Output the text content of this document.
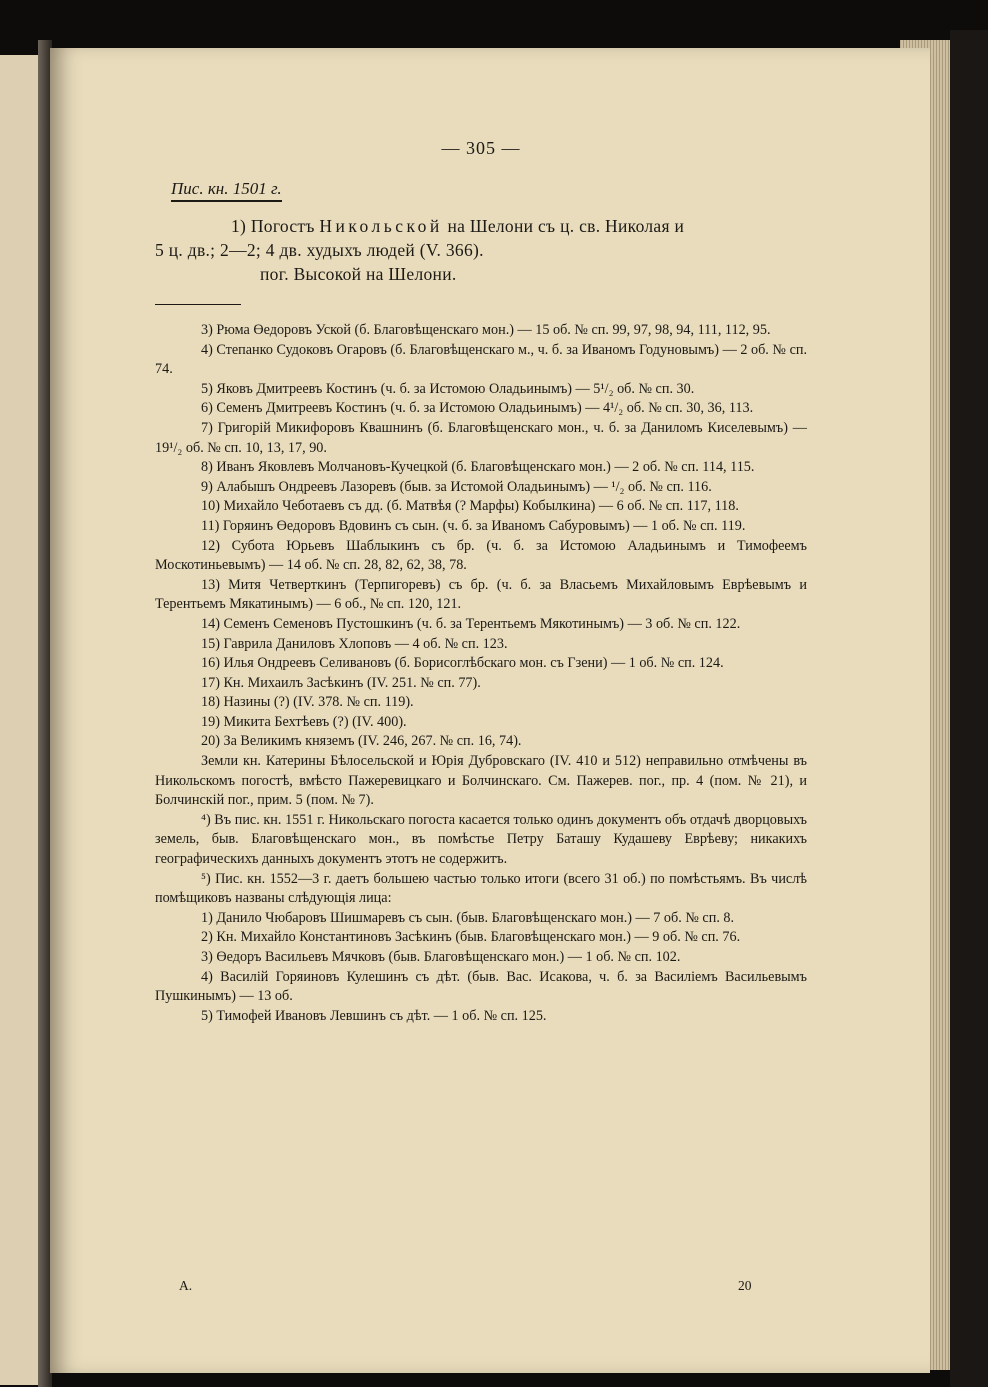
— 305 —
Пис. кн. 1501 г.
1) Погостъ Никольской на Шелони съ ц. св. Николая и
5 ц. дв.; 2—2; 4 дв. худыхъ людей (V. 366).
пог. Высокой на Шелони.

3) Рюма Өедоровъ Уской (б. Благовѣщенскаго мон.) — 15 об. № сп. 99, 97, 98, 94, 111, 112, 95.

4) Степанко Судоковъ Огаровъ (б. Благовѣщенскаго м., ч. б. за Иваномъ Годуновымъ) — 2 об. № сп. 74.

5) Яковъ Дмитреевъ Костинъ (ч. б. за Истомою Оладьинымъ) — 5¹/₂ об. № сп. 30.

6) Семенъ Дмитреевъ Костинъ (ч. б. за Истомою Оладьинымъ) — 4¹/₂ об. № сп. 30, 36, 113.

7) Григорій Микифоровъ Квашнинъ (б. Благовѣщенскаго мон., ч. б. за Даниломъ Киселевымъ) — 19¹/₂ об. № сп. 10, 13, 17, 90.

8) Иванъ Яковлевъ Молчановъ-Кучецкой (б. Благовѣщенскаго мон.) — 2 об. № сп. 114, 115.

9) Алабышъ Ондреевъ Лазоревъ (быв. за Истомой Оладьинымъ) — ¹/₂ об. № сп. 116.

10) Михайло Чеботаевъ съ дд. (б. Матвѣя (? Марфы) Кобылкина) — 6 об. № сп. 117, 118.

11) Горяинъ Өедоровъ Вдовинъ съ сын. (ч. б. за Иваномъ Сабуровымъ) — 1 об. № сп. 119.

12) Субота Юрьевъ Шаблыкинъ съ бр. (ч. б. за Истомою Аладьинымъ и Тимофеемъ Москотиньевымъ) — 14 об. № сп. 28, 82, 62, 38, 78.

13) Митя Четверткинъ (Терпигоревъ) съ бр. (ч. б. за Власьемъ Михайловымъ Еврѣевымъ и Терентьемъ Мякатинымъ) — 6 об., № сп. 120, 121.

14) Семенъ Семеновъ Пустошкинъ (ч. б. за Терентьемъ Мякотинымъ) — 3 об. № сп. 122.

15) Гаврила Даниловъ Хлоповъ — 4 об. № сп. 123.

16) Илья Ондреевъ Селивановъ (б. Борисоглѣбскаго мон. съ Гзени) — 1 об. № сп. 124.

17) Кн. Михаилъ Засѣкинъ (IV. 251. № сп. 77).

18) Назины (?) (IV. 378. № сп. 119).

19) Микита Бехтѣевъ (?) (IV. 400).

20) За Великимъ княземъ (IV. 246, 267. № сп. 16, 74).

Земли кн. Катерины Бѣлосельской и Юрія Дубровскаго (IV. 410 и 512) неправильно отмѣчены въ Никольскомъ погостѣ, вмѣсто Пажеревицкаго и Болчинскаго. См. Пажерев. пог., пр. 4 (пом. № 21), и Болчинскій пог., прим. 5 (пом. № 7).

⁴) Въ пис. кн. 1551 г. Никольскаго погоста касается только одинъ документъ объ отдачѣ дворцовыхъ земель, быв. Благовѣщенскаго мон., въ помѣстье Петру Баташу Кудашеву Еврѣеву; никакихъ географическихъ данныхъ документъ этотъ не содержитъ.

⁵) Пис. кн. 1552—3 г. даетъ большею частью только итоги (всего 31 об.) по помѣстьямъ. Въ числѣ помѣщиковъ названы слѣдующія лица:

1) Данило Чюбаровъ Шишмаревъ съ сын. (быв. Благовѣщенскаго мон.) — 7 об. № сп. 8.

2) Кн. Михайло Константиновъ Засѣкинъ (быв. Благовѣщенскаго мон.) — 9 об. № сп. 76.

3) Өедоръ Васильевъ Мячковъ (быв. Благовѣщенскаго мон.) — 1 об. № сп. 102.

4) Василій Горяиновъ Кулешинъ съ дѣт. (быв. Вас. Исакова, ч. б. за Василіемъ Васильевымъ Пушкинымъ) — 13 об.

5) Тимофей Ивановъ Левшинъ съ дѣт. — 1 об. № сп. 125.

А.	20
